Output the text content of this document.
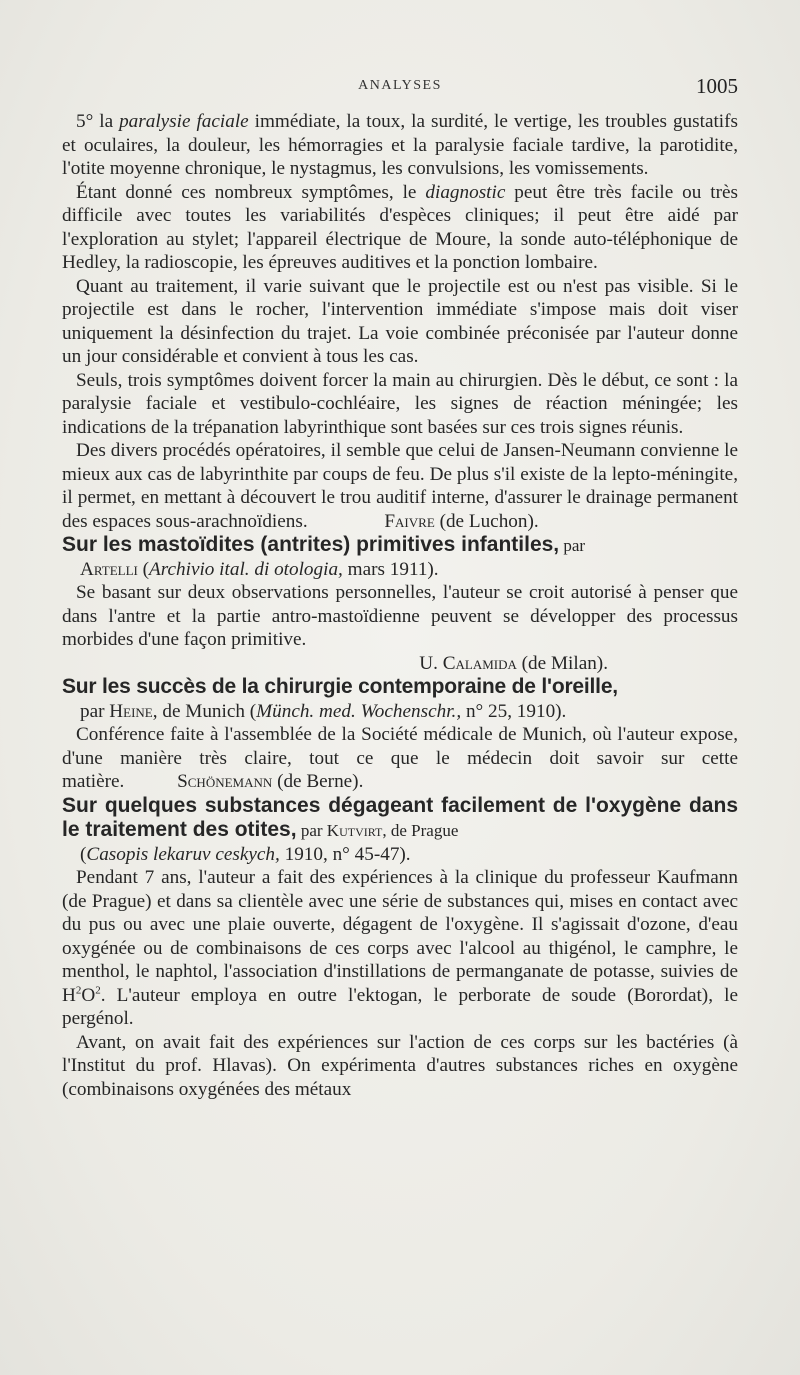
ANALYSES	1005

5° la paralysie faciale immédiate, la toux, la surdité, le vertige, les troubles gustatifs et oculaires, la douleur, les hémorragies et la paralysie faciale tardive, la parotidite, l'otite moyenne chronique, le nystagmus, les convulsions, les vomissements.

Étant donné ces nombreux symptômes, le diagnostic peut être très facile ou très difficile avec toutes les variabilités d'espèces cliniques; il peut être aidé par l'exploration au stylet; l'appareil électrique de Moure, la sonde auto-téléphonique de Hedley, la radioscopie, les épreuves auditives et la ponction lombaire.

Quant au traitement, il varie suivant que le projectile est ou n'est pas visible. Si le projectile est dans le rocher, l'intervention immédiate s'impose mais doit viser uniquement la désinfection du trajet. La voie combinée préconisée par l'auteur donne un jour considérable et convient à tous les cas.

Seuls, trois symptômes doivent forcer la main au chirurgien. Dès le début, ce sont : la paralysie faciale et vestibulo-cochléaire, les signes de réaction méningée; les indications de la trépanation labyrinthique sont basées sur ces trois signes réunis.

Des divers procédés opératoires, il semble que celui de Jansen-Neumann convienne le mieux aux cas de labyrinthite par coups de feu. De plus s'il existe de la lepto-méningite, il permet, en mettant à découvert le trou auditif interne, d'assurer le drainage permanent des espaces sous-arachnoïdiens.	Faivre (de Luchon).

Sur les mastoïdites (antrites) primitives infantiles, par

Artelli (Archivio ital. di otologia, mars 1911).

Se basant sur deux observations personnelles, l'auteur se croit autorisé à penser que dans l'antre et la partie antro-mastoïdienne peuvent se développer des processus morbides d'une façon primitive.

U. Calamida (de Milan).

Sur les succès de la chirurgie contemporaine de l'oreille,

par Heine, de Munich (Münch. med. Wochenschr., n° 25, 1910).

Conférence faite à l'assemblée de la Société médicale de Munich, où l'auteur expose, d'une manière très claire, tout ce que le médecin doit savoir sur cette matière.	Schönemann (de Berne).

Sur quelques substances dégageant facilement de l'oxygène dans le traitement des otites, par Kutvirt, de Prague

(Casopis lekaruv ceskych, 1910, n° 45-47).

Pendant 7 ans, l'auteur a fait des expériences à la clinique du professeur Kaufmann (de Prague) et dans sa clientèle avec une série de substances qui, mises en contact avec du pus ou avec une plaie ouverte, dégagent de l'oxygène. Il s'agissait d'ozone, d'eau oxygénée ou de combinaisons de ces corps avec l'alcool au thigénol, le camphre, le menthol, le naphtol, l'association d'instillations de permanganate de potasse, suivies de $H^2O^2$. L'auteur employa en outre l'ektogan, le perborate de soude (Borordat), le pergénol.

Avant, on avait fait des expériences sur l'action de ces corps sur les bactéries (à l'Institut du prof. Hlavas). On expérimenta d'autres substances riches en oxygène (combinaisons oxygénées des métaux
